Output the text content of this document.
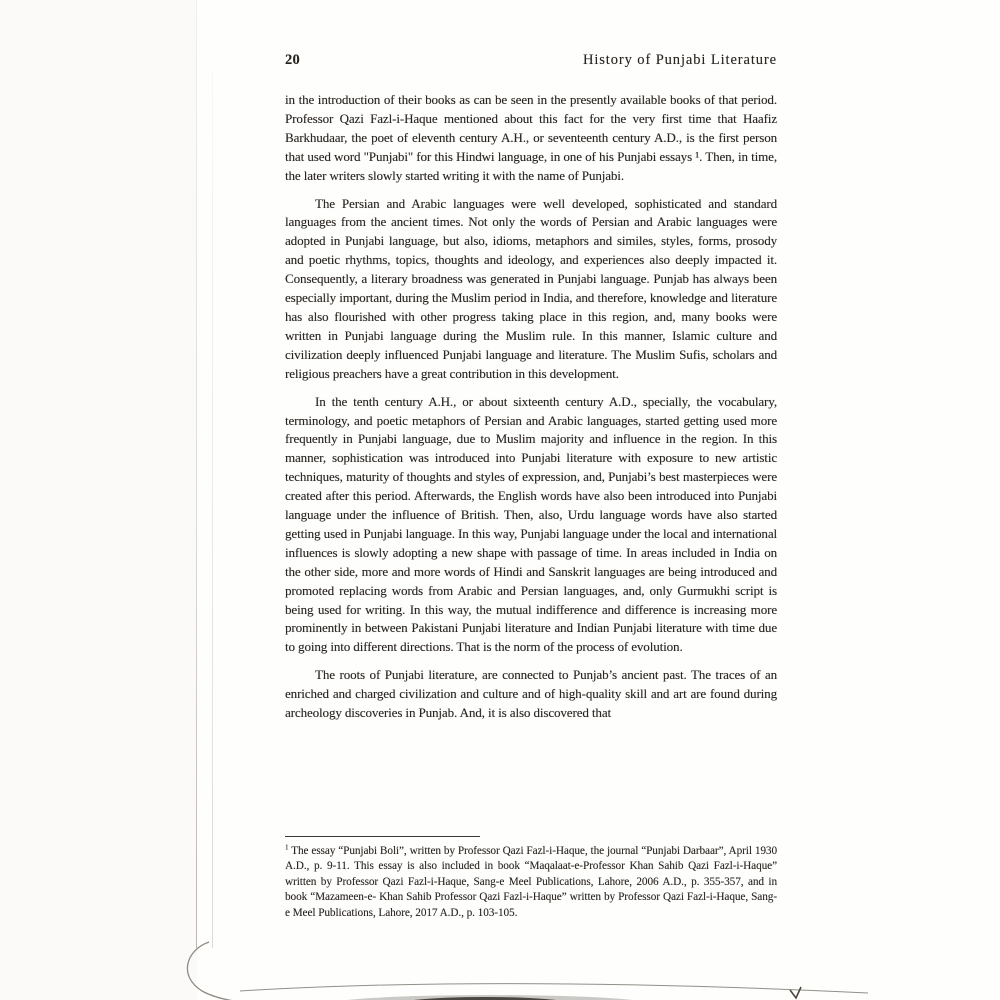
20	History of Punjabi Literature

in the introduction of their books as can be seen in the presently available books of that period. Professor Qazi Fazl-i-Haque mentioned about this fact for the very first time that Haafiz Barkhudaar, the poet of eleventh century A.H., or seventeenth century A.D., is the first person that used word "Punjabi" for this Hindwi language, in one of his Punjabi essays ¹. Then, in time, the later writers slowly started writing it with the name of Punjabi.

The Persian and Arabic languages were well developed, sophisticated and standard languages from the ancient times. Not only the words of Persian and Arabic languages were adopted in Punjabi language, but also, idioms, metaphors and similes, styles, forms, prosody and poetic rhythms, topics, thoughts and ideology, and experiences also deeply impacted it. Consequently, a literary broadness was generated in Punjabi language. Punjab has always been especially important, during the Muslim period in India, and therefore, knowledge and literature has also flourished with other progress taking place in this region, and, many books were written in Punjabi language during the Muslim rule. In this manner, Islamic culture and civilization deeply influenced Punjabi language and literature. The Muslim Sufis, scholars and religious preachers have a great contribution in this development.

In the tenth century A.H., or about sixteenth century A.D., specially, the vocabulary, terminology, and poetic metaphors of Persian and Arabic languages, started getting used more frequently in Punjabi language, due to Muslim majority and influence in the region. In this manner, sophistication was introduced into Punjabi literature with exposure to new artistic techniques, maturity of thoughts and styles of expression, and, Punjabi’s best masterpieces were created after this period. Afterwards, the English words have also been introduced into Punjabi language under the influence of British. Then, also, Urdu language words have also started getting used in Punjabi language. In this way, Punjabi language under the local and international influences is slowly adopting a new shape with passage of time. In areas included in India on the other side, more and more words of Hindi and Sanskrit languages are being introduced and promoted replacing words from Arabic and Persian languages, and, only Gurmukhi script is being used for writing. In this way, the mutual indifference and difference is increasing more prominently in between Pakistani Punjabi literature and Indian Punjabi literature with time due to going into different directions. That is the norm of the process of evolution.

The roots of Punjabi literature, are connected to Punjab’s ancient past. The traces of an enriched and charged civilization and culture and of high-quality skill and art are found during archeology discoveries in Punjab. And, it is also discovered that

$^1$ The essay “Punjabi Boli”, written by Professor Qazi Fazl-i-Haque, the journal “Punjabi Darbaar”, April 1930 A.D., p. 9-11. This essay is also included in book “Maqalaat-e-Professor Khan Sahib Qazi Fazl-i-Haque” written by Professor Qazi Fazl-i-Haque, Sang-e Meel Publications, Lahore, 2006 A.D., p. 355-357, and in book “Mazameen-e- Khan Sahib Professor Qazi Fazl-i-Haque” written by Professor Qazi Fazl-i-Haque, Sang-e Meel Publications, Lahore, 2017 A.D., p. 103-105.
